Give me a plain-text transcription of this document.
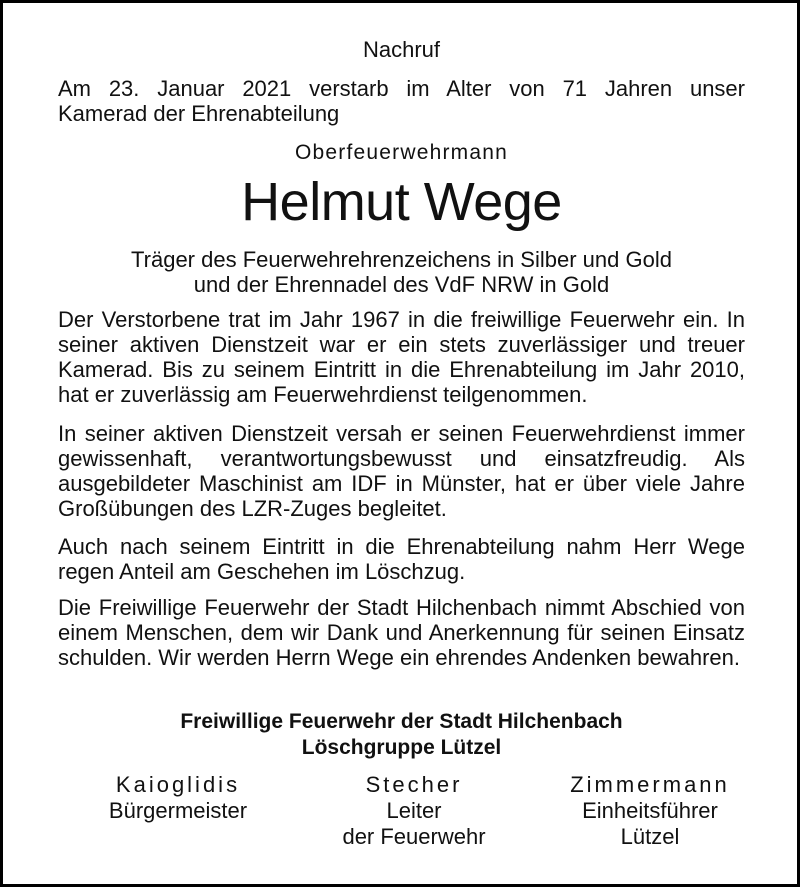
Nachruf

Am 23. Januar 2021 verstarb im Alter von 71 Jahren unser
Kamerad der Ehrenabteilung

Oberfeuerwehrmann
Helmut Wege
Träger des Feuerwehrehrenzeichens in Silber und Gold
und der Ehrennadel des VdF NRW in Gold

Der Verstorbene trat im Jahr 1967 in die freiwillige Feuerwehr ein. In seiner aktiven Dienstzeit war er ein stets zuverlässiger und treuer Kamerad. Bis zu seinem Eintritt in die Ehrenabteilung im Jahr 2010, hat er zuverlässig am Feuerwehrdienst teilgenommen.

In seiner aktiven Dienstzeit versah er seinen Feuerwehrdienst immer gewissenhaft, verantwortungsbewusst und einsatzfreudig. Als ausgebildeter Maschinist am IDF in Münster, hat er über viele Jahre Großübungen des LZR-Zuges begleitet.

Auch nach seinem Eintritt in die Ehrenabteilung nahm Herr Wege regen Anteil am Geschehen im Löschzug.

Die Freiwillige Feuerwehr der Stadt Hilchenbach nimmt Abschied von einem Menschen, dem wir Dank und Anerkennung für seinen Einsatz schulden. Wir werden Herrn Wege ein ehrendes Andenken bewahren.

Freiwillige Feuerwehr der Stadt Hilchenbach
Löschgruppe Lützel
Kaioglidis
Bürgermeister
Stecher
Leiter
der Feuerwehr
Zimmermann
Einheitsführer
Lützel
